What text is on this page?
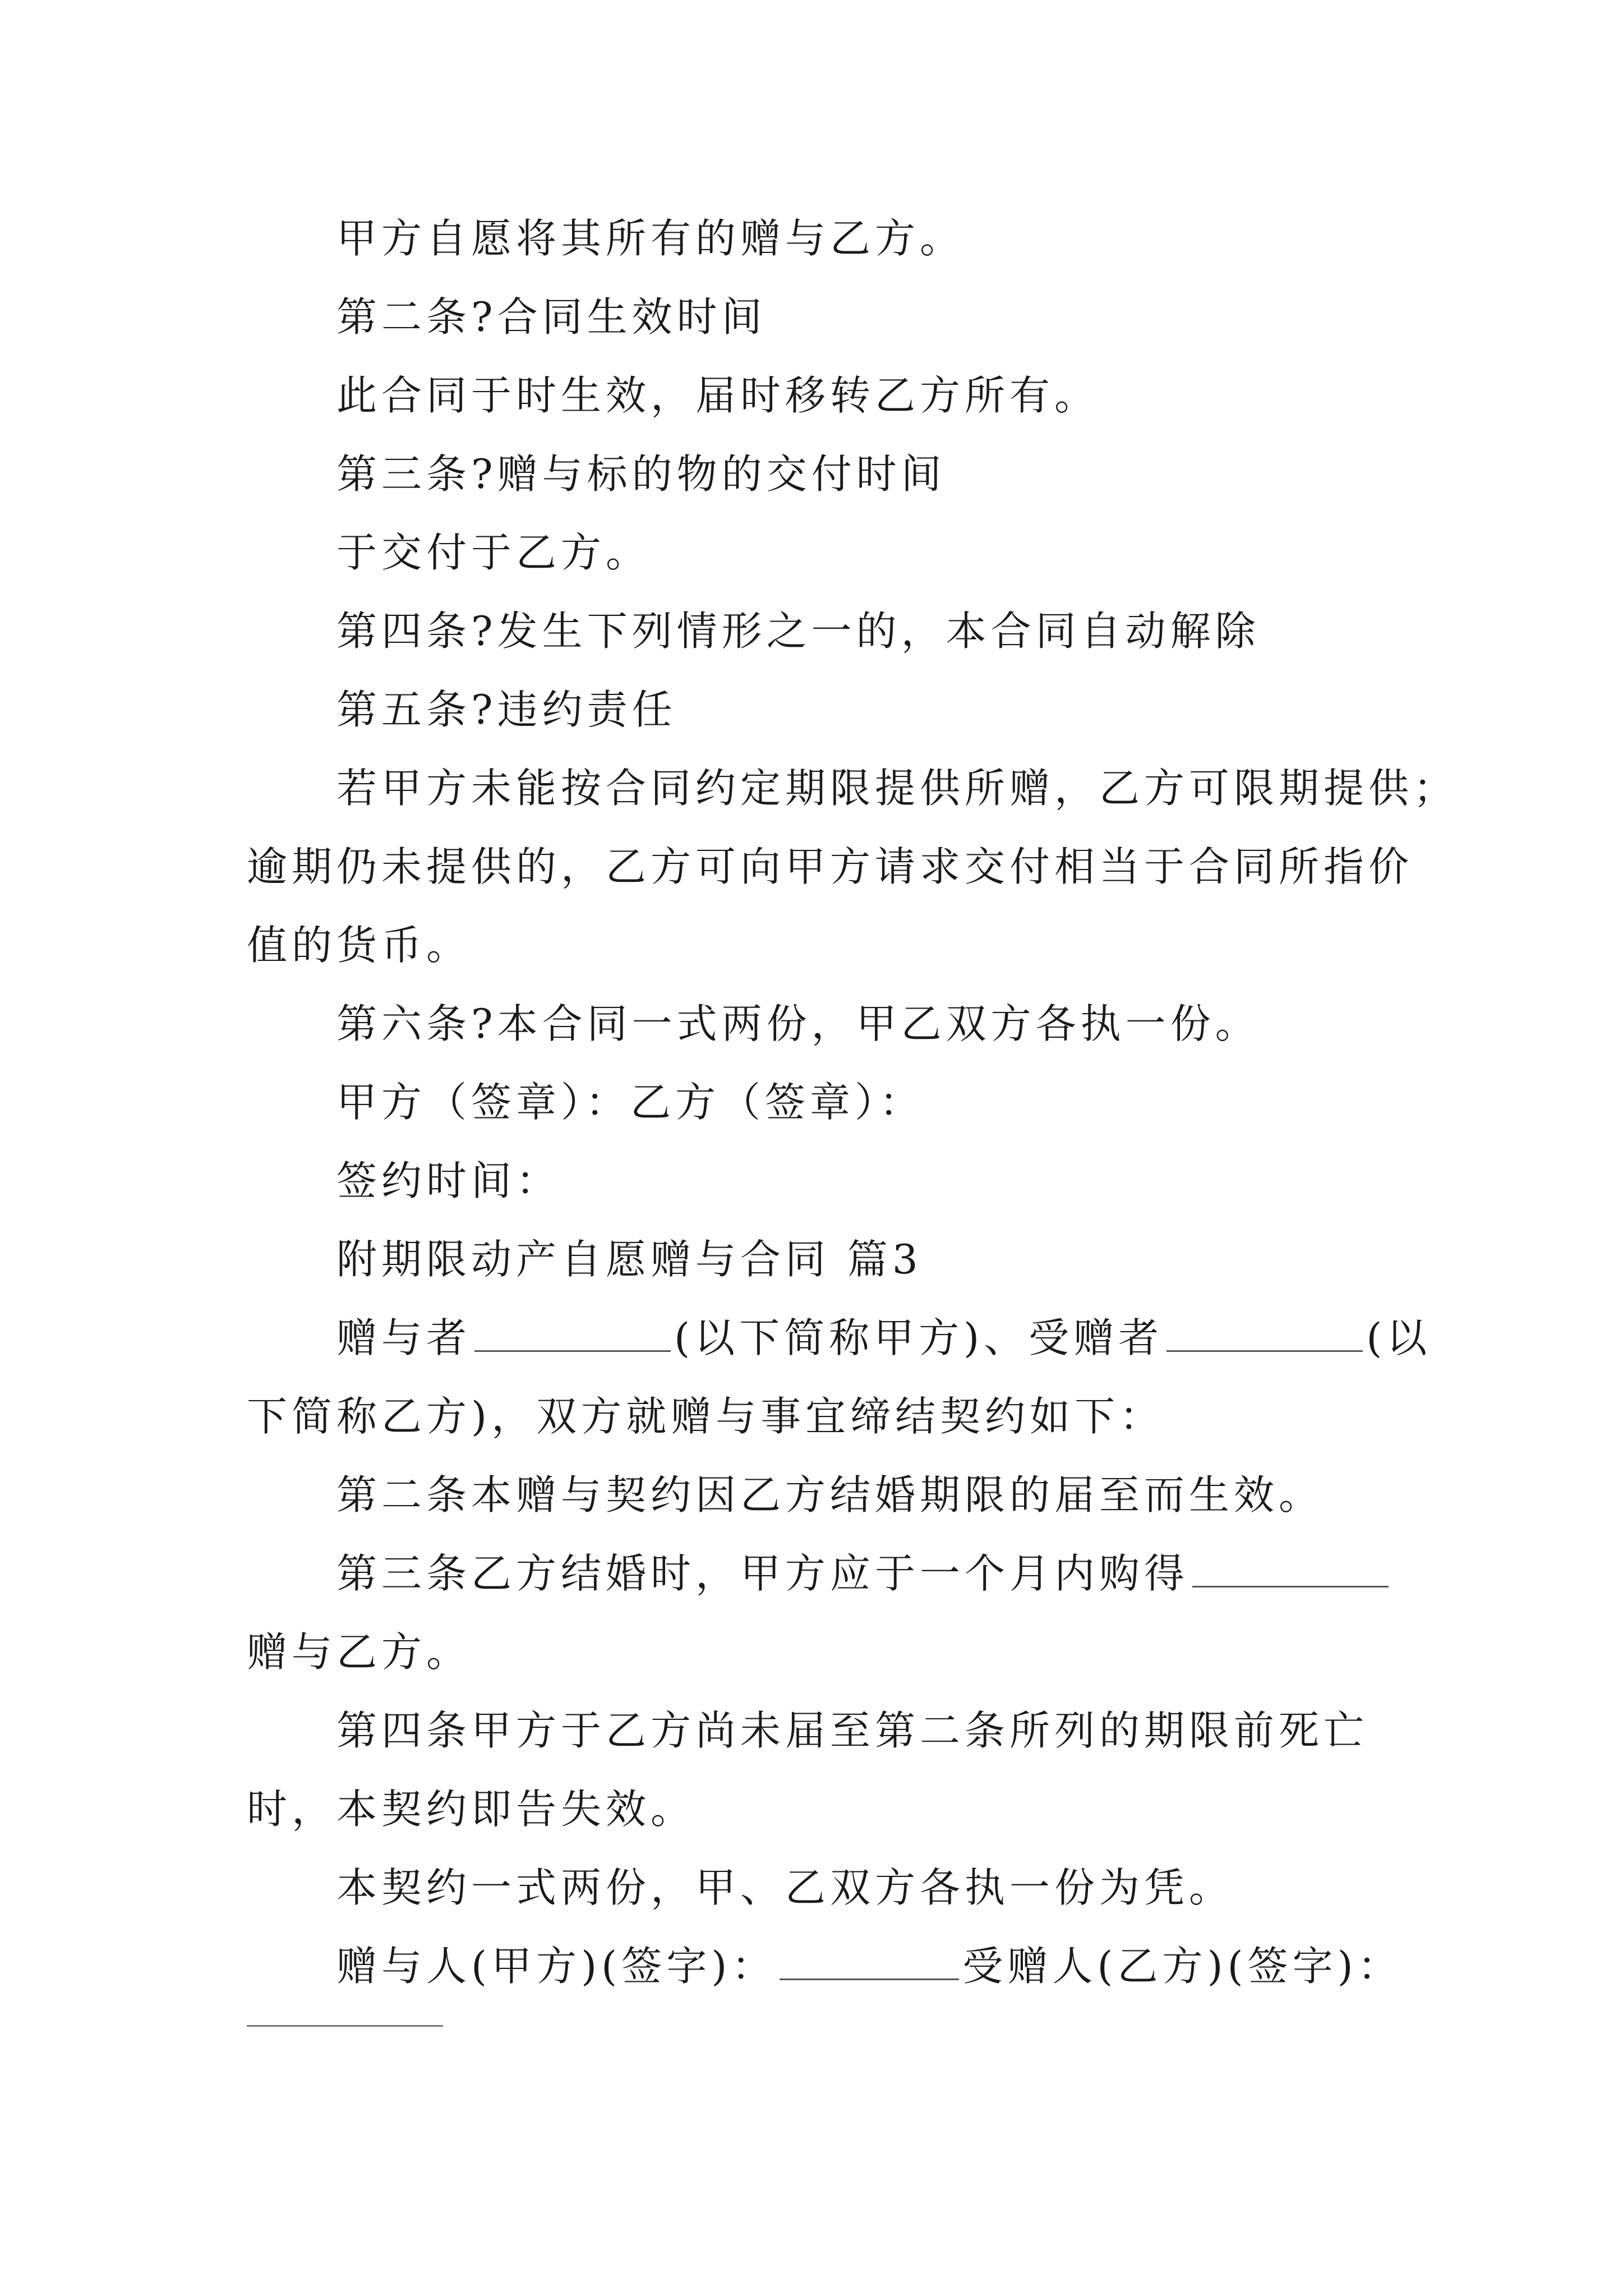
甲方自愿将其所有的赠与乙方。
第二条?合同生效时间
此合同于时生效，届时移转乙方所有。
第三条?赠与标的物的交付时间
于交付于乙方。
第四条?发生下列情形之一的，本合同自动解除
第五条?违约责任
若甲方未能按合同约定期限提供所赠，乙方可限期提供；
逾期仍未提供的，乙方可向甲方请求交付相当于合同所指价
值的货币。
第六条?本合同一式两份，甲乙双方各执一份。
甲方（签章）：乙方（签章）：
签约时间：
附期限动产自愿赠与合同 篇3
赠与者	(以下简称甲方)、受赠者	(以
下简称乙方)，双方就赠与事宜缔结契约如下：
第二条本赠与契约因乙方结婚期限的届至而生效。
第三条乙方结婚时，甲方应于一个月内购得
赠与乙方。
第四条甲方于乙方尚未届至第二条所列的期限前死亡
时，本契约即告失效。
本契约一式两份，甲、乙双方各执一份为凭。
赠与人(甲方)(签字)：	受赠人(乙方)(签字)：
